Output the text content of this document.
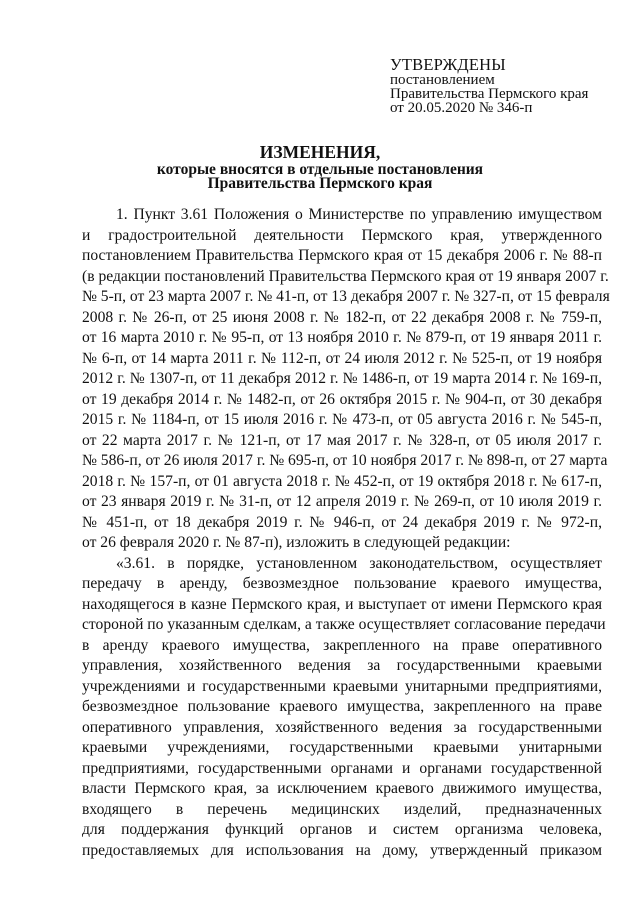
УТВЕРЖДЕНЫ
постановлением
Правительства Пермского края
от 20.05.2020 № 346-п
ИЗМЕНЕНИЯ,
которые вносятся в отдельные постановления
Правительства Пермского края
1. Пункт 3.61 Положения о Министерстве по управлению имуществом
и градостроительной деятельности Пермского края, утвержденного
постановлением Правительства Пермского края от 15 декабря 2006 г. № 88-п
(в редакции постановлений Правительства Пермского края от 19 января 2007 г.
№ 5-п, от 23 марта 2007 г. № 41-п, от 13 декабря 2007 г. № 327-п, от 15 февраля
2008 г. № 26-п, от 25 июня 2008 г. № 182-п, от 22 декабря 2008 г. № 759-п,
от 16 марта 2010 г. № 95-п, от 13 ноября 2010 г. № 879-п, от 19 января 2011 г.
№ 6-п, от 14 марта 2011 г. № 112-п, от 24 июля 2012 г. № 525-п, от 19 ноября
2012 г. № 1307-п, от 11 декабря 2012 г. № 1486-п, от 19 марта 2014 г. № 169-п,
от 19 декабря 2014 г. № 1482-п, от 26 октября 2015 г. № 904-п, от 30 декабря
2015 г. № 1184-п, от 15 июля 2016 г. № 473-п, от 05 августа 2016 г. № 545-п,
от 22 марта 2017 г. № 121-п, от 17 мая 2017 г. № 328-п, от 05 июля 2017 г.
№ 586-п, от 26 июля 2017 г. № 695-п, от 10 ноября 2017 г. № 898-п, от 27 марта
2018 г. № 157-п, от 01 августа 2018 г. № 452-п, от 19 октября 2018 г. № 617-п,
от 23 января 2019 г. № 31-п, от 12 апреля 2019 г. № 269-п, от 10 июля 2019 г.
№ 451-п, от 18 декабря 2019 г. № 946-п, от 24 декабря 2019 г. № 972-п,
от 26 февраля 2020 г. № 87-п), изложить в следующей редакции:
«3.61. в порядке, установленном законодательством, осуществляет
передачу в аренду, безвозмездное пользование краевого имущества,
находящегося в казне Пермского края, и выступает от имени Пермского края
стороной по указанным сделкам, а также осуществляет согласование передачи
в аренду краевого имущества, закрепленного на праве оперативного
управления, хозяйственного ведения за государственными краевыми
учреждениями и государственными краевыми унитарными предприятиями,
безвозмездное пользование краевого имущества, закрепленного на праве
оперативного управления, хозяйственного ведения за государственными
краевыми учреждениями, государственными краевыми унитарными
предприятиями, государственными органами и органами государственной
власти Пермского края, за исключением краевого движимого имущества,
входящего в перечень медицинских изделий, предназначенных
для поддержания функций органов и систем организма человека,
предоставляемых для использования на дому, утвержденный приказом
